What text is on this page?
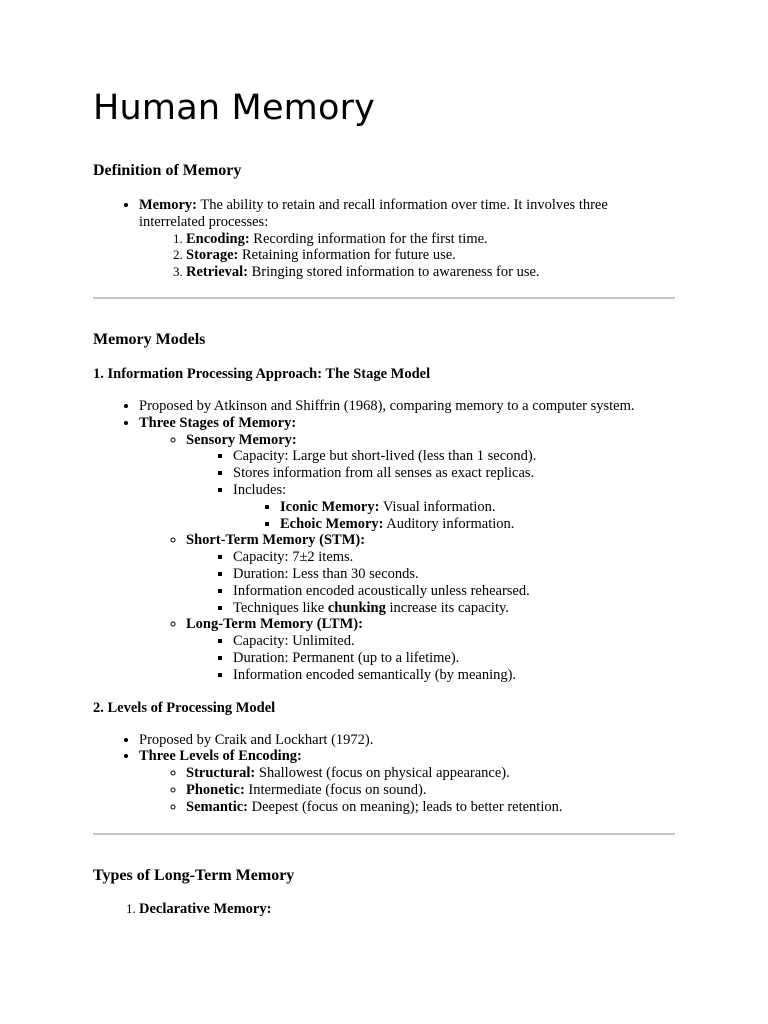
Human Memory
Definition of Memory
• Memory: The ability to retain and recall information over time. It involves three interrelated processes:
1. Encoding: Recording information for the first time.
2. Storage: Retaining information for future use.
3. Retrieval: Bringing stored information to awareness for use.
Memory Models
1. Information Processing Approach: The Stage Model
• Proposed by Atkinson and Shiffrin (1968), comparing memory to a computer system.
• Three Stages of Memory:
◦ Sensory Memory:
▪ Capacity: Large but short-lived (less than 1 second).
▪ Stores information from all senses as exact replicas.
▪ Includes:
▪ Iconic Memory: Visual information.
▪ Echoic Memory: Auditory information.
◦ Short-Term Memory (STM):
▪ Capacity: 7±2 items.
▪ Duration: Less than 30 seconds.
▪ Information encoded acoustically unless rehearsed.
▪ Techniques like chunking increase its capacity.
◦ Long-Term Memory (LTM):
▪ Capacity: Unlimited.
▪ Duration: Permanent (up to a lifetime).
▪ Information encoded semantically (by meaning).
2. Levels of Processing Model
• Proposed by Craik and Lockhart (1972).
• Three Levels of Encoding:
◦ Structural: Shallowest (focus on physical appearance).
◦ Phonetic: Intermediate (focus on sound).
◦ Semantic: Deepest (focus on meaning); leads to better retention.
Types of Long-Term Memory
1. Declarative Memory:
